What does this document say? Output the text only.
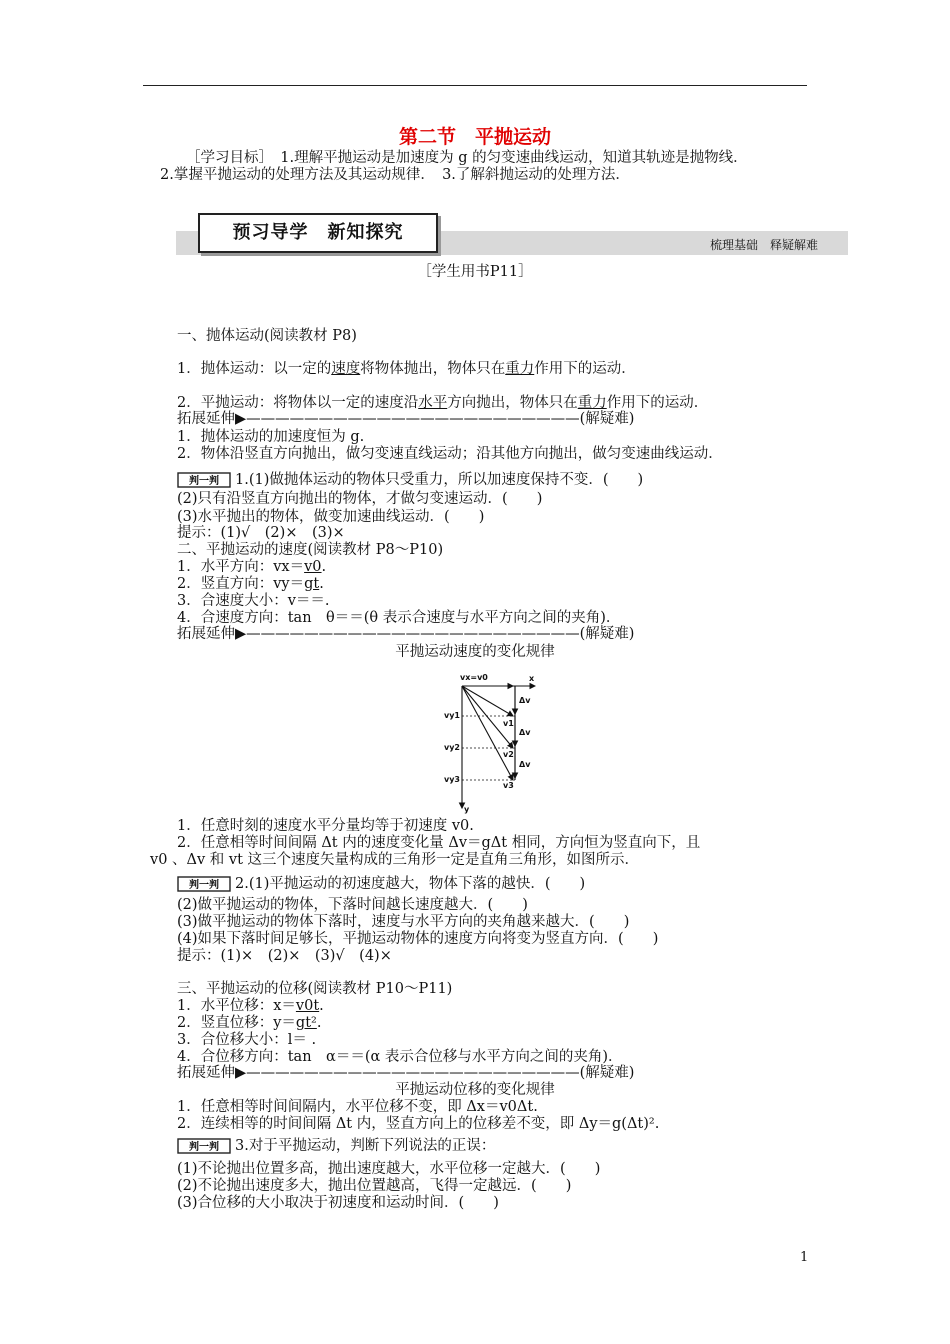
第二节　平抛运动
［学习目标］　1.理解平抛运动是加速度为 g 的匀变速曲线运动，知道其轨迹是抛物线．
2.掌握平抛运动的处理方法及其运动规律．　3.了解斜抛运动的处理方法．
预习导学　新知探究
梳理基础　释疑解难
［学生用书P11］
一、抛体运动(阅读教材 P8)
1．抛体运动：以一定的速度将物体抛出，物体只在重力作用下的运动．
2．平抛运动：将物体以一定的速度沿水平方向抛出，物体只在重力作用下的运动．
拓展延伸▶———————————————————————(解疑难)
1．抛体运动的加速度恒为 g.
2．物体沿竖直方向抛出，做匀变速直线运动；沿其他方向抛出，做匀变速曲线运动．
判一判 1.(1)做抛体运动的物体只受重力，所以加速度保持不变．(　　)
(2)只有沿竖直方向抛出的物体，才做匀变速运动．(　　)
(3)水平抛出的物体，做变加速曲线运动．(　　)
提示：(1)√　(2)×　(3)×
二、平抛运动的速度(阅读教材 P8～P10)
1．水平方向：vx＝v0.
2．竖直方向：vy＝gt.
3．合速度大小：v＝＝.
4．合速度方向：tan　θ＝＝(θ 表示合速度与水平方向之间的夹角)．
拓展延伸▶———————————————————————(解疑难)
平抛运动速度的变化规律
vx=v0	x
y
vy1
vy2
vy3
v1
v2
v3
Δv
Δv
Δv
1．任意时刻的速度水平分量均等于初速度 v0.
2．任意相等时间间隔 Δt 内的速度变化量 Δv＝gΔt 相同，方向恒为竖直向下，且
v0 、Δv 和 vt 这三个速度矢量构成的三角形一定是直角三角形，如图所示．
判一判 2.(1)平抛运动的初速度越大，物体下落的越快．(　　)
(2)做平抛运动的物体，下落时间越长速度越大．(　　)
(3)做平抛运动的物体下落时，速度与水平方向的夹角越来越大．(　　)
(4)如果下落时间足够长，平抛运动物体的速度方向将变为竖直方向．(　　)
提示：(1)×　(2)×　(3)√　(4)×
三、平抛运动的位移(阅读教材 P10～P11)
1．水平位移：x＝v0t.
2．竖直位移：y＝gt².
3．合位移大小：l＝ .
4．合位移方向：tan　α＝＝(α 表示合位移与水平方向之间的夹角)．
拓展延伸▶———————————————————————(解疑难)
平抛运动位移的变化规律
1．任意相等时间间隔内，水平位移不变，即 Δx＝v0Δt.
2．连续相等的时间间隔 Δt 内，竖直方向上的位移差不变，即 Δy＝g(Δt)².
判一判 3.对于平抛运动，判断下列说法的正误：
(1)不论抛出位置多高，抛出速度越大，水平位移一定越大．(　　)
(2)不论抛出速度多大，抛出位置越高，飞得一定越远．(　　)
(3)合位移的大小取决于初速度和运动时间．(　　)
1
